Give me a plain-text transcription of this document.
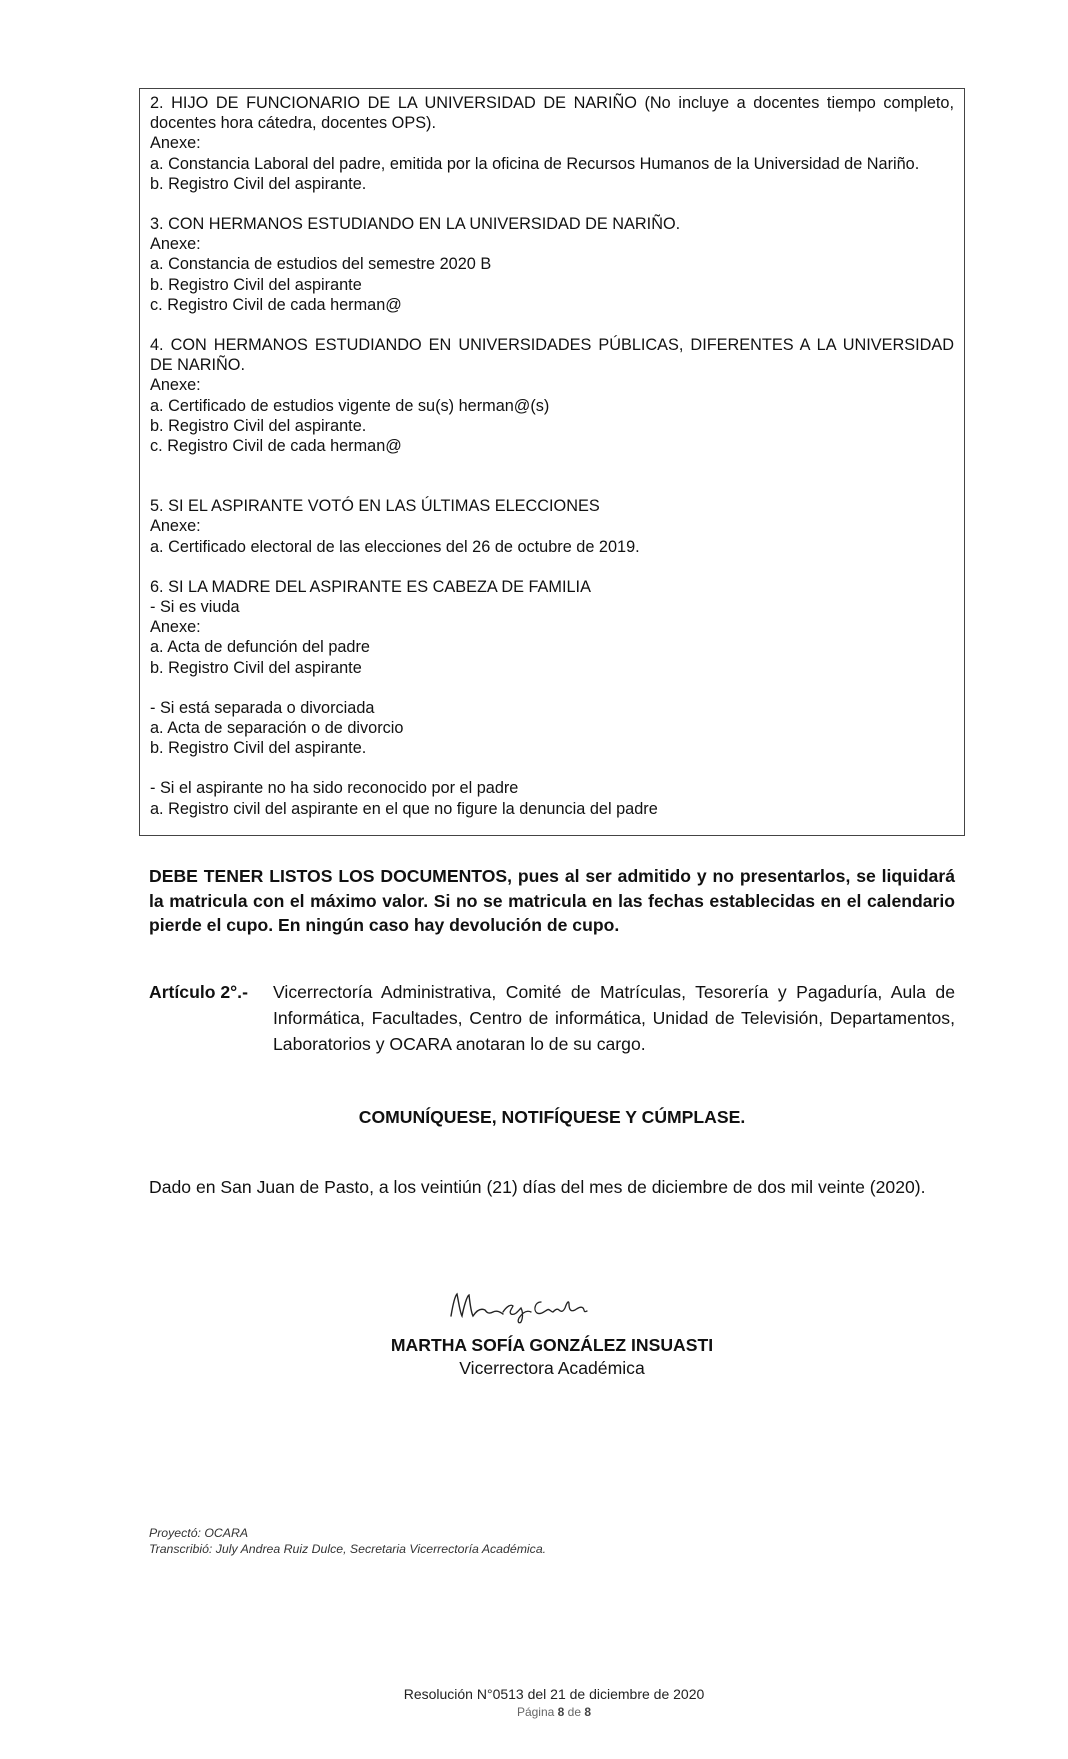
2. HIJO DE FUNCIONARIO DE LA UNIVERSIDAD DE NARIÑO (No incluye a docentes tiempo completo, docentes hora cátedra, docentes OPS).
Anexe:
a. Constancia Laboral del padre, emitida por la oficina de Recursos Humanos de la Universidad de Nariño.
b. Registro Civil del aspirante.
3. CON HERMANOS ESTUDIANDO EN LA UNIVERSIDAD DE NARIÑO.
Anexe:
a. Constancia de estudios del semestre 2020 B
b. Registro Civil del aspirante
c. Registro Civil de cada herman@
4. CON HERMANOS ESTUDIANDO EN UNIVERSIDADES PÚBLICAS, DIFERENTES A LA UNIVERSIDAD DE NARIÑO.
Anexe:
a. Certificado de estudios vigente de su(s) herman@(s)
b. Registro Civil del aspirante.
c. Registro Civil de cada herman@
5. SI EL ASPIRANTE VOTÓ EN LAS ÚLTIMAS ELECCIONES
Anexe:
a. Certificado electoral de las elecciones del 26 de octubre de 2019.
6. SI LA MADRE DEL ASPIRANTE ES CABEZA DE FAMILIA
- Si es viuda
Anexe:
a. Acta de defunción del padre
b. Registro Civil del aspirante
- Si está separada o divorciada
a. Acta de separación o de divorcio
b. Registro Civil del aspirante.
- Si el aspirante no ha sido reconocido por el padre
a. Registro civil del aspirante en el que no figure la denuncia del padre
DEBE TENER LISTOS LOS DOCUMENTOS, pues al ser admitido y no presentarlos, se liquidará la matricula con el máximo valor. Si no se matricula en las fechas establecidas en el calendario pierde el cupo. En ningún caso hay devolución de cupo.
Artículo 2°.-	Vicerrectoría Administrativa, Comité de Matrículas, Tesorería y Pagaduría, Aula de Informática, Facultades, Centro de informática, Unidad de Televisión, Departamentos, Laboratorios y OCARA anotaran lo de su cargo.
COMUNÍQUESE, NOTIFÍQUESE Y CÚMPLASE.
Dado en San Juan de Pasto, a los veintiún (21) días del mes de diciembre de dos mil veinte (2020).
MARTHA SOFÍA GONZÁLEZ INSUASTI
Vicerrectora Académica
Proyectó: OCARA
Transcribió: July Andrea Ruiz Dulce, Secretaria Vicerrectoría Académica.
Resolución N°0513 del 21 de diciembre de 2020
Página 8 de 8
